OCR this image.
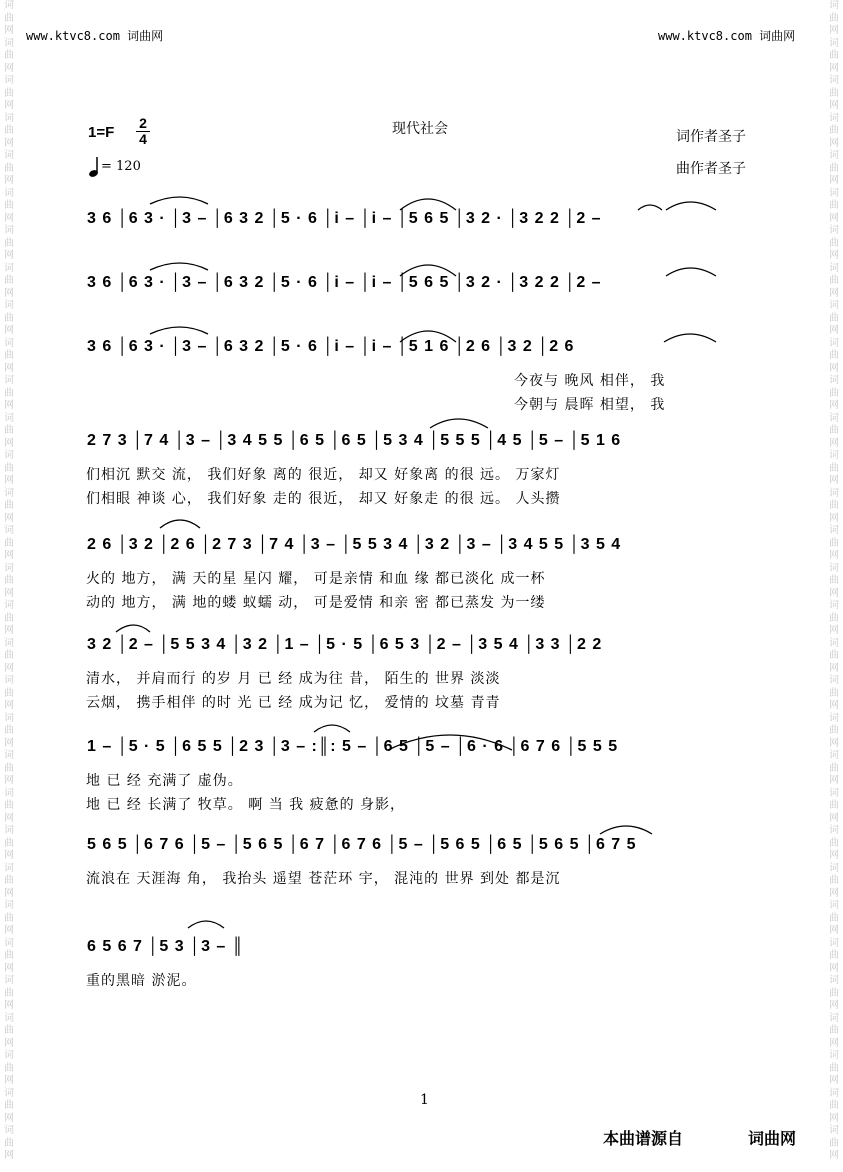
词
曲
网
词
曲
网
词
曲
网
词
曲
网
词
曲
网
词
曲
网
词
曲
网
词
曲
网
词
曲
网
词
曲
网
词
曲
网
词
曲
网
词
曲
网
词
曲
网
词
曲
网
词
曲
网
词
曲
网
词
曲
网
词
曲
网
词
曲
网
词
曲
网
词
曲
网
词
曲
网
词
曲
网
词
曲
网
词
曲
网
词
曲
网
词
曲
网
词
曲
网
词
曲
网
词
曲
网
词
曲
网
词
曲
网
词
曲
网
词
曲
网
词
曲
网
词
曲
网
词
曲
网
词
曲
网
词
曲
网
词
曲
网
词
曲
网
词
曲
网
词
曲
网
词
曲
网
词
曲
网
词
曲
网
词
曲
网
词
曲
网
词
曲
网
词
曲
网
词
曲
网
词
曲
网
词
曲
网
词
曲
网
词
曲
网
词
曲
网
词
曲
网
词
曲
网
词
曲
网
词
曲
网
词
曲
网
www.ktvc8.com 词曲网	www.ktvc8.com 词曲网
现代社会
1=F
2
4
= 120
词作者圣子
曲作者圣子
3 6 │6 3 · │3 – │6 3 2 │5 · 6 │i – │i – │5 6 5 │3 2 · │3 2 2 │2 –
3 6 │6 3 · │3 – │6 3 2 │5 · 6 │i – │i – │5 6 5 │3 2 · │3 2 2 │2 –
3 6 │6 3 · │3 – │6 3 2 │5 · 6 │i – │i – │5 1 6 │2 6 │3 2 │2 6
今夜与 晚风 相伴， 我
今朝与 晨晖 相望， 我
2 7 3 │7 4 │3 – │3 4 5 5 │6 5 │6 5 │5 3 4 │5 5 5 │4 5 │5 – │5 1 6
们相沉 默交 流， 我们好象 离的 很近， 却又 好象离 的很 远。 万家灯
们相眼 神谈 心， 我们好象 走的 很近， 却又 好象走 的很 远。 人头攒
2 6 │3 2 │2 6 │2 7 3 │7 4 │3 – │5 5 3 4 │3 2 │3 – │3 4 5 5 │3 5 4
火的 地方， 满 天的星 星闪 耀， 可是亲情 和血 缘 都已淡化 成一杯
动的 地方， 满 地的蝼 蚁蠕 动， 可是爱情 和亲 密 都已蒸发 为一缕
3 2 │2 – │5 5 3 4 │3 2 │1 – │5 · 5 │6 5 3 │2 – │3 5 4 │3 3 │2 2
清水， 并肩而行 的岁 月 已 经 成为往 昔， 陌生的 世界 淡淡
云烟， 携手相伴 的时 光 已 经 成为记 忆， 爱情的 坟墓 青青
1 – │5 · 5 │6 5 5 │2 3 │3 – :║: 5 – │6 5 │5 – │6 · 6 │6 7 6 │5 5 5
地 已 经 充满了 虚伪。
地 已 经 长满了 牧草。 啊 当 我 疲惫的 身影，
5 6 5 │6 7 6 │5 – │5 6 5 │6 7 │6 7 6 │5 – │5 6 5 │6 5 │5 6 5 │6 7 5
流浪在 天涯海 角， 我抬头 遥望 苍茫环 宇， 混沌的 世界 到处 都是沉
6 5 6 7 │5 3 │3 – ║
重的黑暗 淤泥。
1
本曲谱源自	词曲网
